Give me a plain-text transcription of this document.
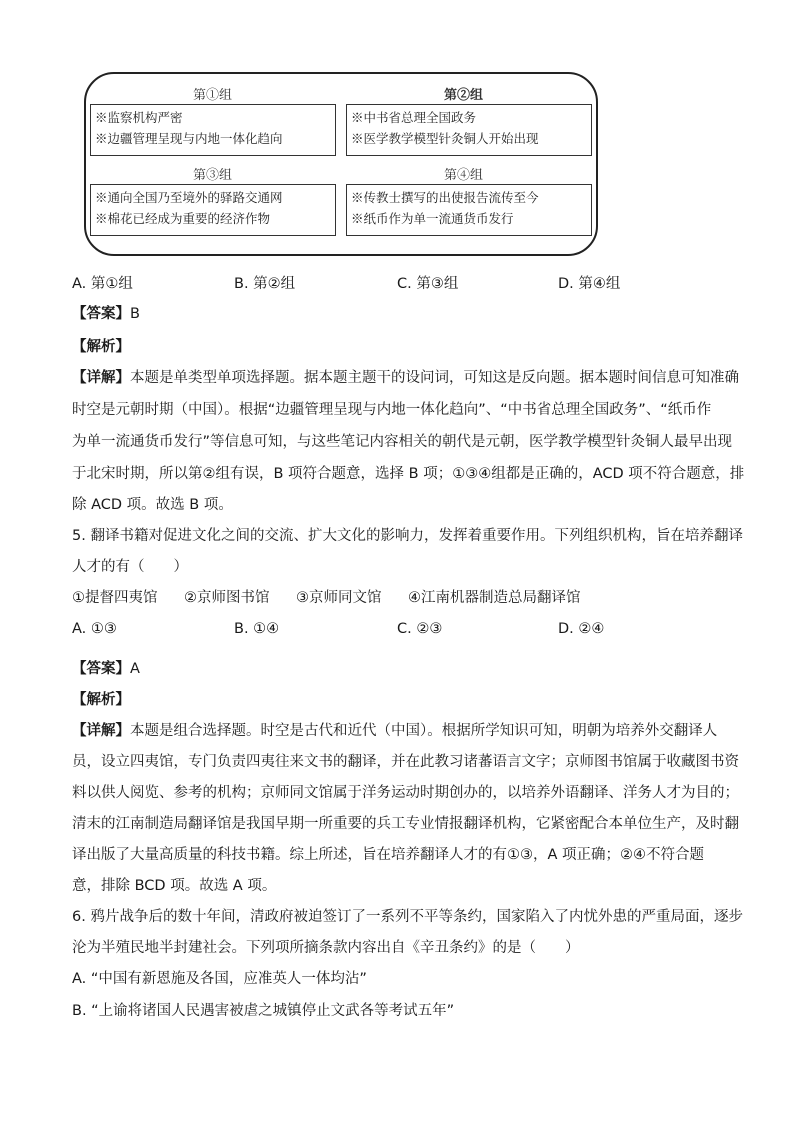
第①组
※监察机构严密
※边疆管理呈现与内地一体化趋向
第②组
※中书省总理全国政务
※医学教学模型针灸铜人开始出现
第③组
※通向全国乃至境外的驿路交通网
※棉花已经成为重要的经济作物
第④组
※传教士撰写的出使报告流传至今
※纸币作为单一流通货币发行
A. 第①组	B. 第②组	C. 第③组	D. 第④组
【答案】B
【解析】
【详解】本题是单类型单项选择题。据本题主题干的设问词，可知这是反向题。据本题时间信息可知准确
时空是元朝时期（中国）。根据“边疆管理呈现与内地一体化趋向”、“中书省总理全国政务”、“纸币作
为单一流通货币发行”等信息可知，与这些笔记内容相关的朝代是元朝，医学教学模型针灸铜人最早出现
于北宋时期，所以第②组有误，B 项符合题意，选择 B 项；①③④组都是正确的，ACD 项不符合题意，排
除 ACD 项。故选 B 项。
5. 翻译书籍对促进文化之间的交流、扩大文化的影响力，发挥着重要作用。下列组织机构，旨在培养翻译
人才的有（　　）
①提督四夷馆 ②京师图书馆 ③京师同文馆 ④江南机器制造总局翻译馆
A. ①③	B. ①④	C. ②③	D. ②④
【答案】A
【解析】
【详解】本题是组合选择题。时空是古代和近代（中国）。根据所学知识可知，明朝为培养外交翻译人
员，设立四夷馆，专门负责四夷往来文书的翻译，并在此教习诸蕃语言文字；京师图书馆属于收藏图书资
料以供人阅览、参考的机构；京师同文馆属于洋务运动时期创办的，以培养外语翻译、洋务人才为目的；
清末的江南制造局翻译馆是我国早期一所重要的兵工专业情报翻译机构，它紧密配合本单位生产，及时翻
译出版了大量高质量的科技书籍。综上所述，旨在培养翻译人才的有①③，A 项正确；②④不符合题
意，排除 BCD 项。故选 A 项。
6. 鸦片战争后的数十年间，清政府被迫签订了一系列不平等条约，国家陷入了内忧外患的严重局面，逐步
沦为半殖民地半封建社会。下列项所摘条款内容出自《辛丑条约》的是（　　）
A. “中国有新恩施及各国，应准英人一体均沾”
B. “上谕将诸国人民遇害被虐之城镇停止文武各等考试五年”
